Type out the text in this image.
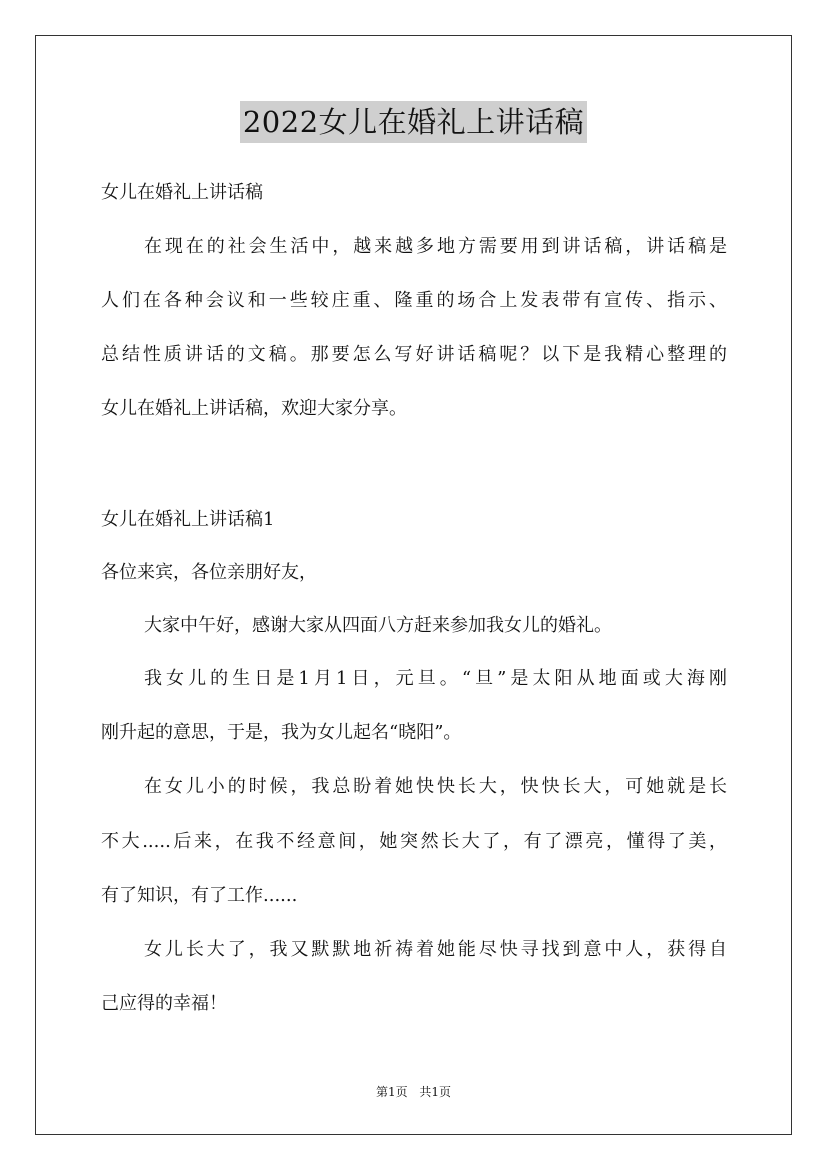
2022女儿在婚礼上讲话稿

女儿在婚礼上讲话稿

在现在的社会生活中，越来越多地方需要用到讲话稿，讲话稿是

人们在各种会议和一些较庄重、隆重的场合上发表带有宣传、指示、

总结性质讲话的文稿。那要怎么写好讲话稿呢？以下是我精心整理的

女儿在婚礼上讲话稿，欢迎大家分享。

女儿在婚礼上讲话稿1

各位来宾，各位亲朋好友，

大家中午好，感谢大家从四面八方赶来参加我女儿的婚礼。

我女儿的生日是1月1日，元旦。“旦”是太阳从地面或大海刚

刚升起的意思，于是，我为女儿起名“晓阳”。

在女儿小的时候，我总盼着她快快长大，快快长大，可她就是长

不大.....后来，在我不经意间，她突然长大了，有了漂亮，懂得了美，

有了知识，有了工作......

女儿长大了，我又默默地祈祷着她能尽快寻找到意中人，获得自

己应得的幸福！

第1页 共1页
